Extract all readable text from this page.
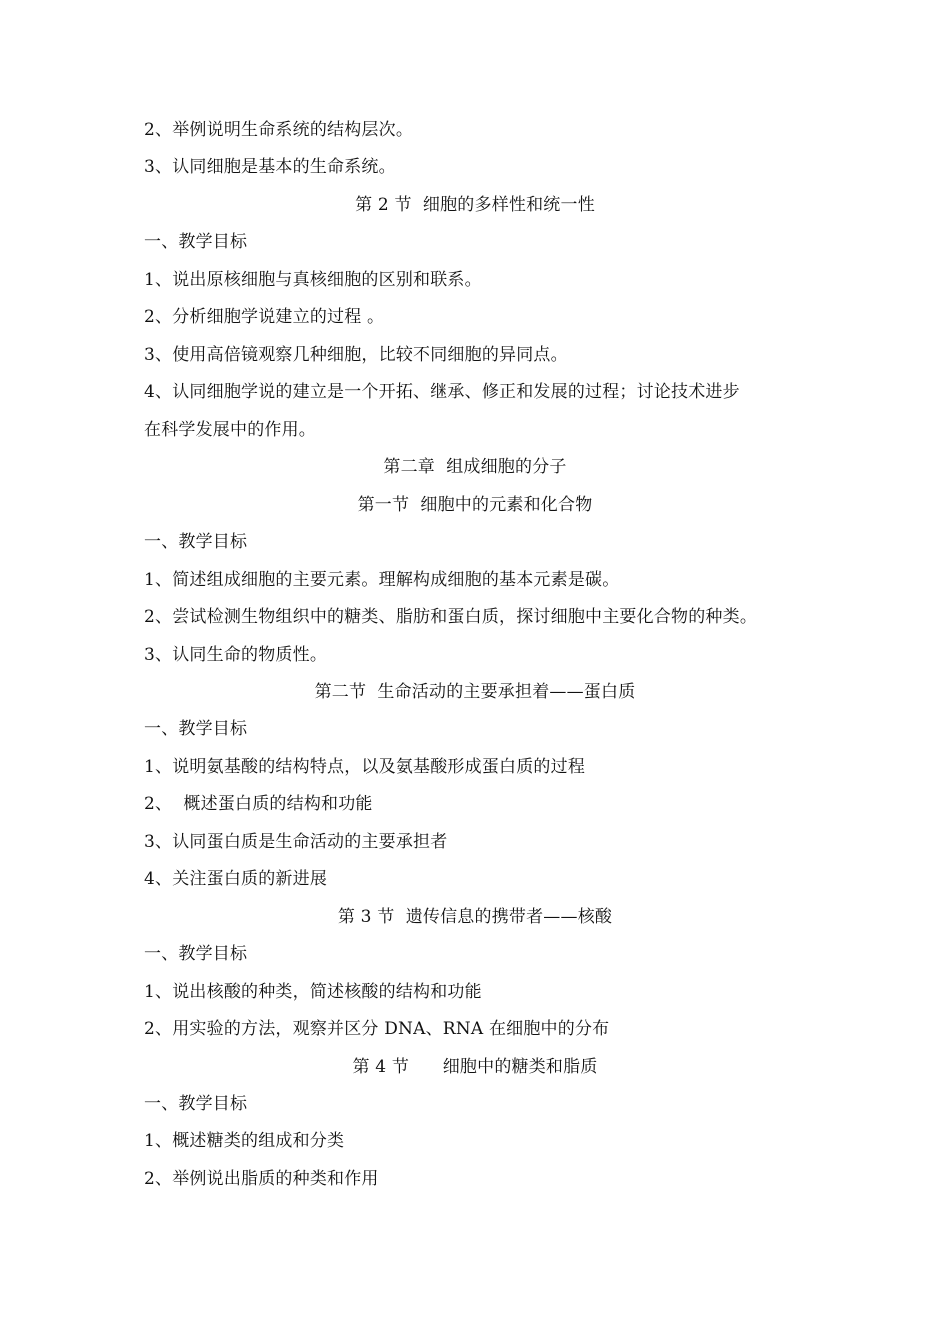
2、举例说明生命系统的结构层次。
3、认同细胞是基本的生命系统。
第 2 节  细胞的多样性和统一性
一、教学目标
1、说出原核细胞与真核细胞的区别和联系。
2、分析细胞学说建立的过程 。
3、使用高倍镜观察几种细胞，比较不同细胞的异同点。
4、认同细胞学说的建立是一个开拓、继承、修正和发展的过程；讨论技术进步
在科学发展中的作用。
第二章  组成细胞的分子
第一节  细胞中的元素和化合物
一、教学目标
1、简述组成细胞的主要元素。理解构成细胞的基本元素是碳。
2、尝试检测生物组织中的糖类、脂肪和蛋白质，探讨细胞中主要化合物的种类。
3、认同生命的物质性。
第二节  生命活动的主要承担着——蛋白质
一、教学目标
1、说明氨基酸的结构特点，以及氨基酸形成蛋白质的过程
2、  概述蛋白质的结构和功能
3、认同蛋白质是生命活动的主要承担者
4、关注蛋白质的新进展
第 3 节  遗传信息的携带者——核酸
一、教学目标
1、说出核酸的种类，简述核酸的结构和功能
2、用实验的方法，观察并区分 DNA、RNA 在细胞中的分布
第 4 节      细胞中的糖类和脂质
一、教学目标
1、概述糖类的组成和分类
2、举例说出脂质的种类和作用
